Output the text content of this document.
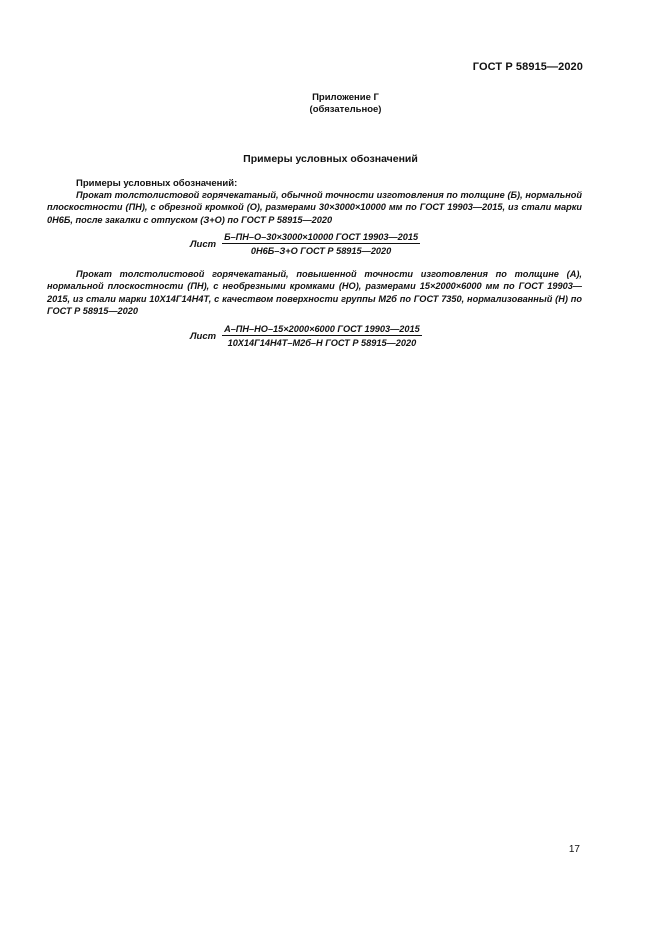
ГОСТ Р 58915—2020
Приложение Г
(обязательное)
Примеры условных обозначений
Примеры условных обозначений:
Прокат толстолистовой горячекатаный, обычной точности изготовления по толщине (Б), нормальной плоскостности (ПН), с обрезной кромкой (О), размерами 30×3000×10000 мм по ГОСТ 19903—2015, из стали марки 0Н6Б, после закалки с отпуском (З+О) по ГОСТ Р 58915—2020
Лист $\frac{\text{Б–ПН–О–30×3000×10000 ГОСТ 19903—2015}}{\text{0Н6Б–З+О ГОСТ Р 58915—2020}}$
Прокат толстолистовой горячекатаный, повышенной точности изготовления по толщине (А), нормальной плоскостности (ПН), с необрезными кромками (НО), размерами 15×2000×6000 мм по ГОСТ 19903—2015, из стали марки 10Х14Г14Н4Т, с качеством поверхности группы М2б по ГОСТ 7350, нормализованный (Н) по ГОСТ Р 58915—2020
Лист $\frac{\text{А–ПН–НО–15×2000×6000 ГОСТ 19903—2015}}{\text{10Х14Г14Н4Т–М2б–Н ГОСТ Р 58915—2020}}$
17
